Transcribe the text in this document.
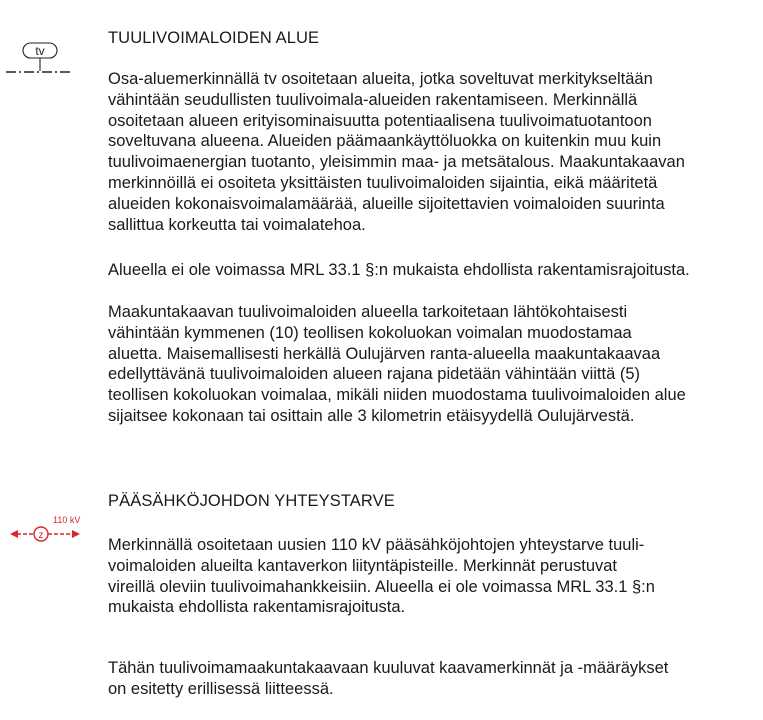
tv
TUULIVOIMALOIDEN ALUE

Osa-aluemerkinnällä tv osoitetaan alueita, jotka soveltuvat merkitykseltään
vähintään seudullisten tuulivoimala-alueiden rakentamiseen. Merkinnällä
osoitetaan alueen erityisominaisuutta potentiaalisena tuulivoimatuotantoon
soveltuvana alueena. Alueiden päämaankäyttöluokka on kuitenkin muu kuin
tuulivoimaenergian tuotanto, yleisimmin maa- ja metsätalous. Maakuntakaavan
merkinnöillä ei osoiteta yksittäisten tuulivoimaloiden sijaintia, eikä määritetä
alueiden kokonaisvoimalamäärää, alueille sijoitettavien voimaloiden suurinta
sallittua korkeutta tai voimalatehoa.

Alueella ei ole voimassa MRL 33.1 §:n mukaista ehdollista rakentamisrajoitusta.

Maakuntakaavan tuulivoimaloiden alueella tarkoitetaan lähtökohtaisesti
vähintään kymmenen (10) teollisen kokoluokan voimalan muodostamaa
aluetta. Maisemallisesti herkällä Oulujärven ranta-alueella maakuntakaavaa
edellyttävänä tuulivoimaloiden alueen rajana pidetään vähintään viittä (5)
teollisen kokoluokan voimalaa, mikäli niiden muodostama tuulivoimaloiden alue
sijaitsee kokonaan tai osittain alle 3 kilometrin etäisyydellä Oulujärvestä.

110 kV
z
PÄÄSÄHKÖJOHDON YHTEYSTARVE

Merkinnällä osoitetaan uusien 110 kV pääsähköjohtojen yhteystarve tuuli-
voimaloiden alueilta kantaverkon liityntäpisteille. Merkinnät perustuvat
vireillä oleviin tuulivoimahankkeisiin. Alueella ei ole voimassa MRL 33.1 §:n
mukaista ehdollista rakentamisrajoitusta.

Tähän tuulivoimamaakuntakaavaan kuuluvat kaavamerkinnät ja -määräykset
on esitetty erillisessä liitteessä.
